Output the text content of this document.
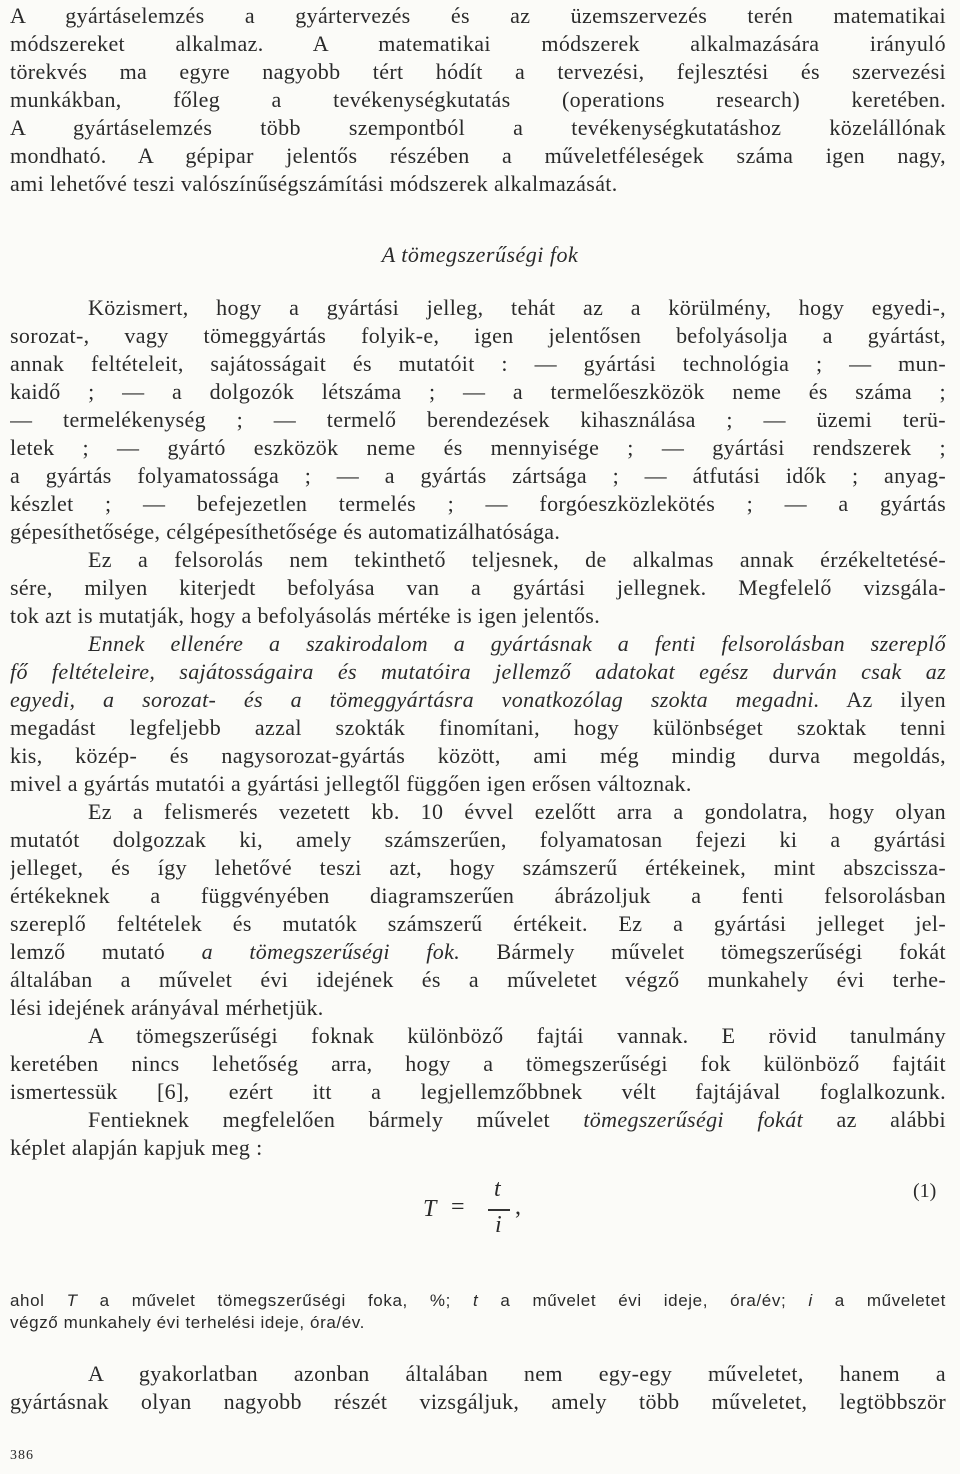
A gyártáselemzés a gyártervezés és az üzemszervezés terén matematikai
módszereket alkalmaz. A matematikai módszerek alkalmazására irányuló
törekvés ma egyre nagyobb tért hódít a tervezési, fejlesztési és szervezési
munkákban, főleg a tevékenységkutatás (operations research) keretében.
A gyártáselemzés több szempontból a tevékenységkutatáshoz közelállónak
mondható. A gépipar jelentős részében a műveletféleségek száma igen nagy,
ami lehetővé teszi valószínűségszámítási módszerek alkalmazását.
A tömegszerűségi fok
Közismert, hogy a gyártási jelleg, tehát az a körülmény, hogy egyedi-,
sorozat-, vagy tömeggyártás folyik-e, igen jelentősen befolyásolja a gyártást,
annak feltételeit, sajátosságait és mutatóit : — gyártási technológia ; — mun-
kaidő ; — a dolgozók létszáma ; — a termelőeszközök neme és száma ;
— termelékenység ; — termelő berendezések kihasználása ; — üzemi terü-
letek ; — gyártó eszközök neme és mennyisége ; — gyártási rendszerek ;
a gyártás folyamatossága ; — a gyártás zártsága ; — átfutási idők ; anyag-
készlet ; — befejezetlen termelés ; — forgóeszközlekötés ; — a gyártás
gépesíthetősége, célgépesíthetősége és automatizálhatósága.
Ez a felsorolás nem tekinthető teljesnek, de alkalmas annak érzékeltetésé-
sére, milyen kiterjedt befolyása van a gyártási jellegnek. Megfelelő vizsgála-
tok azt is mutatják, hogy a befolyásolás mértéke is igen jelentős.
Ennek ellenére a szakirodalom a gyártásnak a fenti felsorolásban szereplő
fő feltételeire, sajátosságaira és mutatóira jellemző adatokat egész durván csak az
egyedi, a sorozat- és a tömeggyártásra vonatkozólag szokta megadni. Az ilyen
megadást legfeljebb azzal szokták finomítani, hogy különbséget szoktak tenni
kis, közép- és nagysorozat-gyártás között, ami még mindig durva megoldás,
mivel a gyártás mutatói a gyártási jellegtől függően igen erősen változnak.
Ez a felismerés vezetett kb. 10 évvel ezelőtt arra a gondolatra, hogy olyan
mutatót dolgozzak ki, amely számszerűen, folyamatosan fejezi ki a gyártási
jelleget, és így lehetővé teszi azt, hogy számszerű értékeinek, mint abszcissza-
értékeknek a függvényében diagramszerűen ábrázoljuk a fenti felsorolásban
szereplő feltételek és mutatók számszerű értékeit. Ez a gyártási jelleget jel-
lemző mutató a tömegszerűségi fok. Bármely művelet tömegszerűségi fokát
általában a művelet évi idejének és a műveletet végző munkahely évi terhe-
lési idejének arányával mérhetjük.
A tömegszerűségi foknak különböző fajtái vannak. E rövid tanulmány
keretében nincs lehetőség arra, hogy a tömegszerűségi fok különböző fajtáit
ismertessük [6], ezért itt a legjellemzőbbnek vélt fajtájával foglalkozunk.
Fentieknek megfelelően bármely művelet tömegszerűségi fokát az alábbi
képlet alapján kapjuk meg :
ahol T a művelet tömegszerűségi foka, %; t a művelet évi ideje, óra/év; i a műveletet
végző munkahely évi terhelési ideje, óra/év.
A gyakorlatban azonban általában nem egy-egy műveletet, hanem a
gyártásnak olyan nagyobb részét vizsgáljuk, amely több műveletet, legtöbbször
T =
t
i
,
(1)
386
